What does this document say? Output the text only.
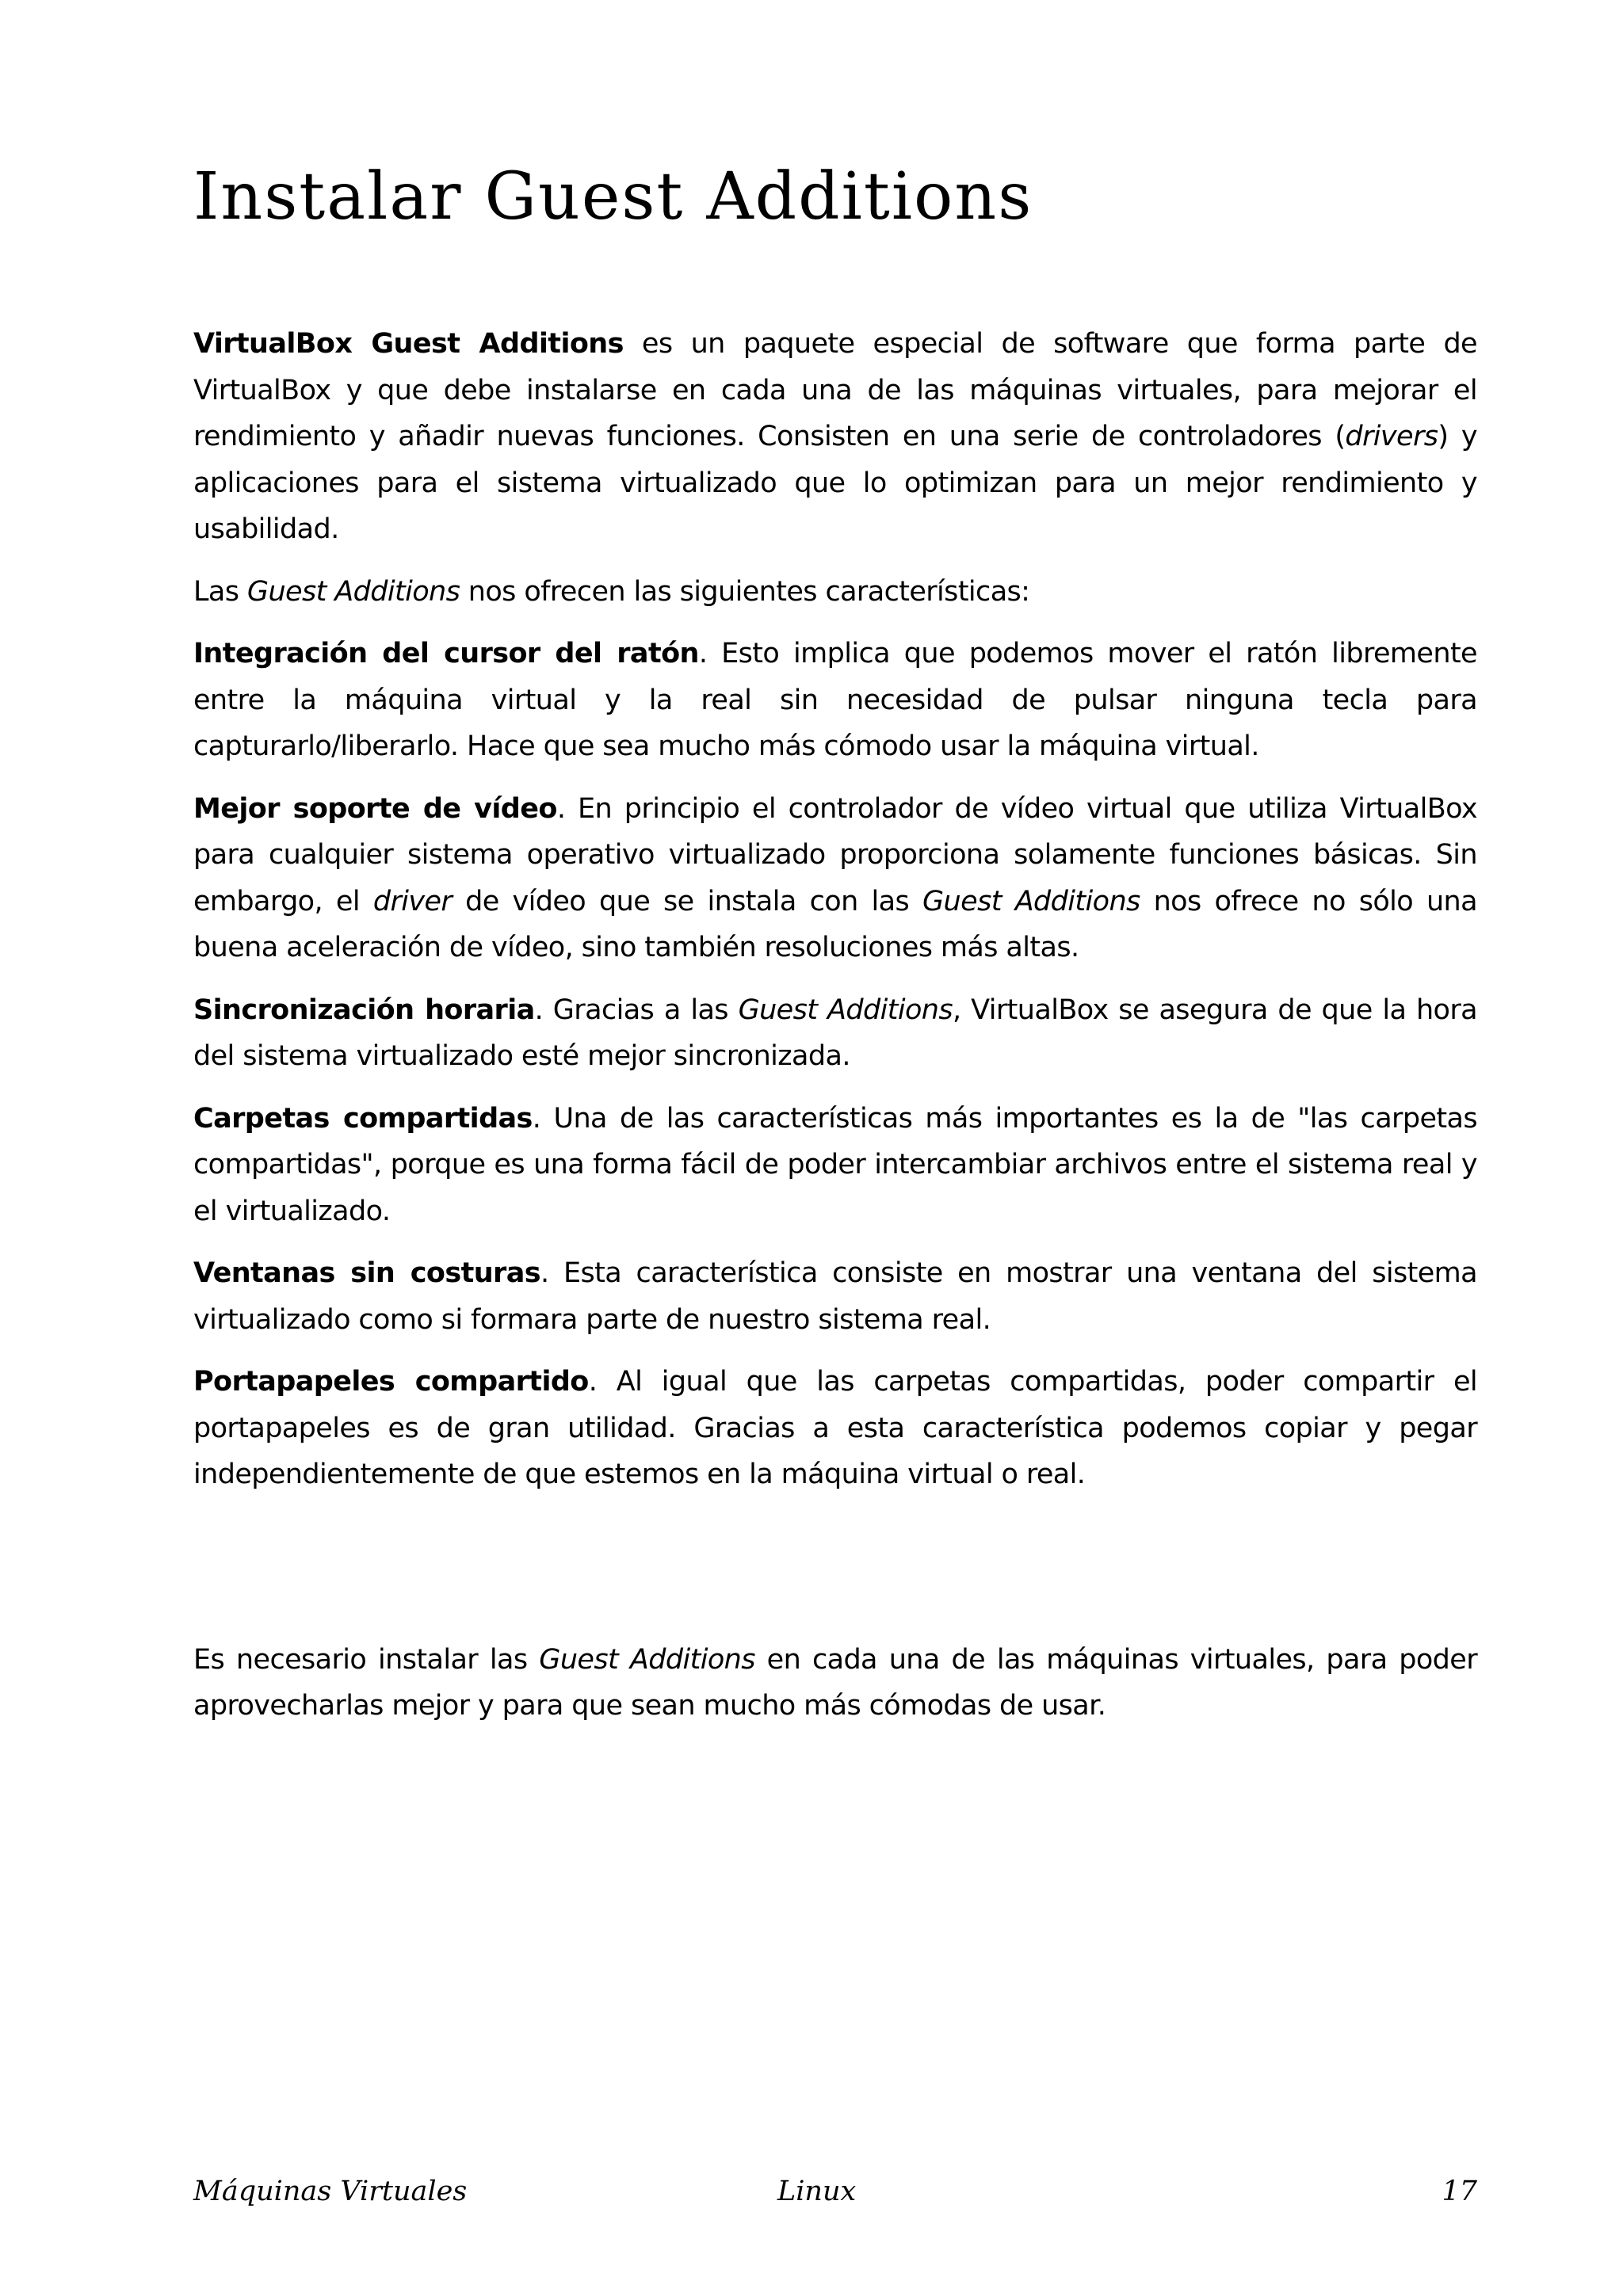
Instalar Guest Additions

VirtualBox Guest Additions es un paquete especial de software que forma parte de VirtualBox y que debe instalarse en cada una de las máquinas virtuales, para mejorar el rendimiento y añadir nuevas funciones. Consisten en una serie de controladores (drivers) y aplicaciones para el sistema virtualizado que lo optimizan para un mejor rendimiento y usabilidad.

Las Guest Additions nos ofrecen las siguientes características:

Integración del cursor del ratón. Esto implica que podemos mover el ratón libremente entre la máquina virtual y la real sin necesidad de pulsar ninguna tecla para capturarlo/liberarlo. Hace que sea mucho más cómodo usar la máquina virtual.

Mejor soporte de vídeo. En principio el controlador de vídeo virtual que utiliza VirtualBox para cualquier sistema operativo virtualizado proporciona solamente funciones básicas. Sin embargo, el driver de vídeo que se instala con las Guest Additions nos ofrece no sólo una buena aceleración de vídeo, sino también resoluciones más altas.

Sincronización horaria. Gracias a las Guest Additions, VirtualBox se asegura de que la hora del sistema virtualizado esté mejor sincronizada.

Carpetas compartidas. Una de las características más importantes es la de "las carpetas compartidas", porque es una forma fácil de poder intercambiar archivos entre el sistema real y el virtualizado.

Ventanas sin costuras. Esta característica consiste en mostrar una ventana del sistema virtualizado como si formara parte de nuestro sistema real.

Portapapeles compartido. Al igual que las carpetas compartidas, poder compartir el portapapeles es de gran utilidad. Gracias a esta característica podemos copiar y pegar independientemente de que estemos en la máquina virtual o real.

Es necesario instalar las Guest Additions en cada una de las máquinas virtuales, para poder aprovecharlas mejor y para que sean mucho más cómodas de usar.

Máquinas Virtuales	Linux	17
